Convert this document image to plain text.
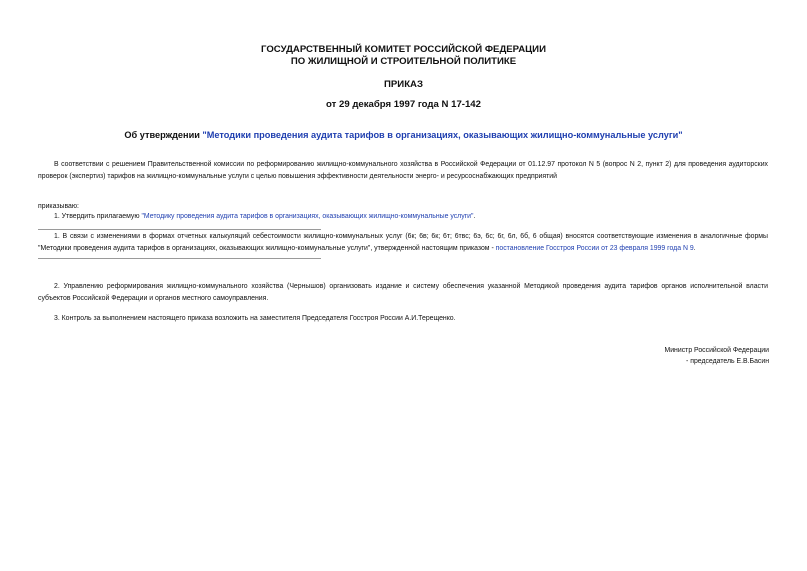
ГОСУДАРСТВЕННЫЙ КОМИТЕТ РОССИЙСКОЙ ФЕДЕРАЦИИ
ПО ЖИЛИЩНОЙ И СТРОИТЕЛЬНОЙ ПОЛИТИКЕ
ПРИКАЗ
от 29 декабря 1997 года N 17-142
Об утверждении "Методики проведения аудита тарифов в организациях, оказывающих жилищно-коммунальные услуги"
В соответствии с решением Правительственной комиссии по реформированию жилищно-коммунального хозяйства в Российской Федерации от 01.12.97 протокол N 5 (вопрос N 2, пункт 2) для проведения аудиторских проверок (экспертиз) тарифов на жилищно-коммунальные услуги с целью повышения эффективности деятельности энерго- и ресурсоснабжающих предприятий
приказываю:
1. Утвердить прилагаемую "Методику проведения аудита тарифов в организациях, оказывающих жилищно-коммунальные услуги".
1. В связи с изменениями в формах отчетных калькуляций себестоимости жилищно-коммунальных услуг (6к; 6в; 6к; 6т; 6твс; 6э, 6с; 6г, 6л, 6б, 6 общая) вносятся соответствующие изменения в аналогичные формы "Методики проведения аудита тарифов в организациях, оказывающих жилищно-коммунальные услуги", утвержденной настоящим приказом - постановление Госстроя России от 23 февраля 1999 года N 9.
2. Управлению реформирования жилищно-коммунального хозяйства (Чернышов) организовать издание и систему обеспечения указанной Методикой проведения аудита тарифов органов исполнительной власти субъектов Российской Федерации и органов местного самоуправления.
3. Контроль за выполнением настоящего приказа возложить на заместителя Председателя Госстроя России А.И.Терещенко.
Министр Российской Федерации
- председатель Е.В.Басин
